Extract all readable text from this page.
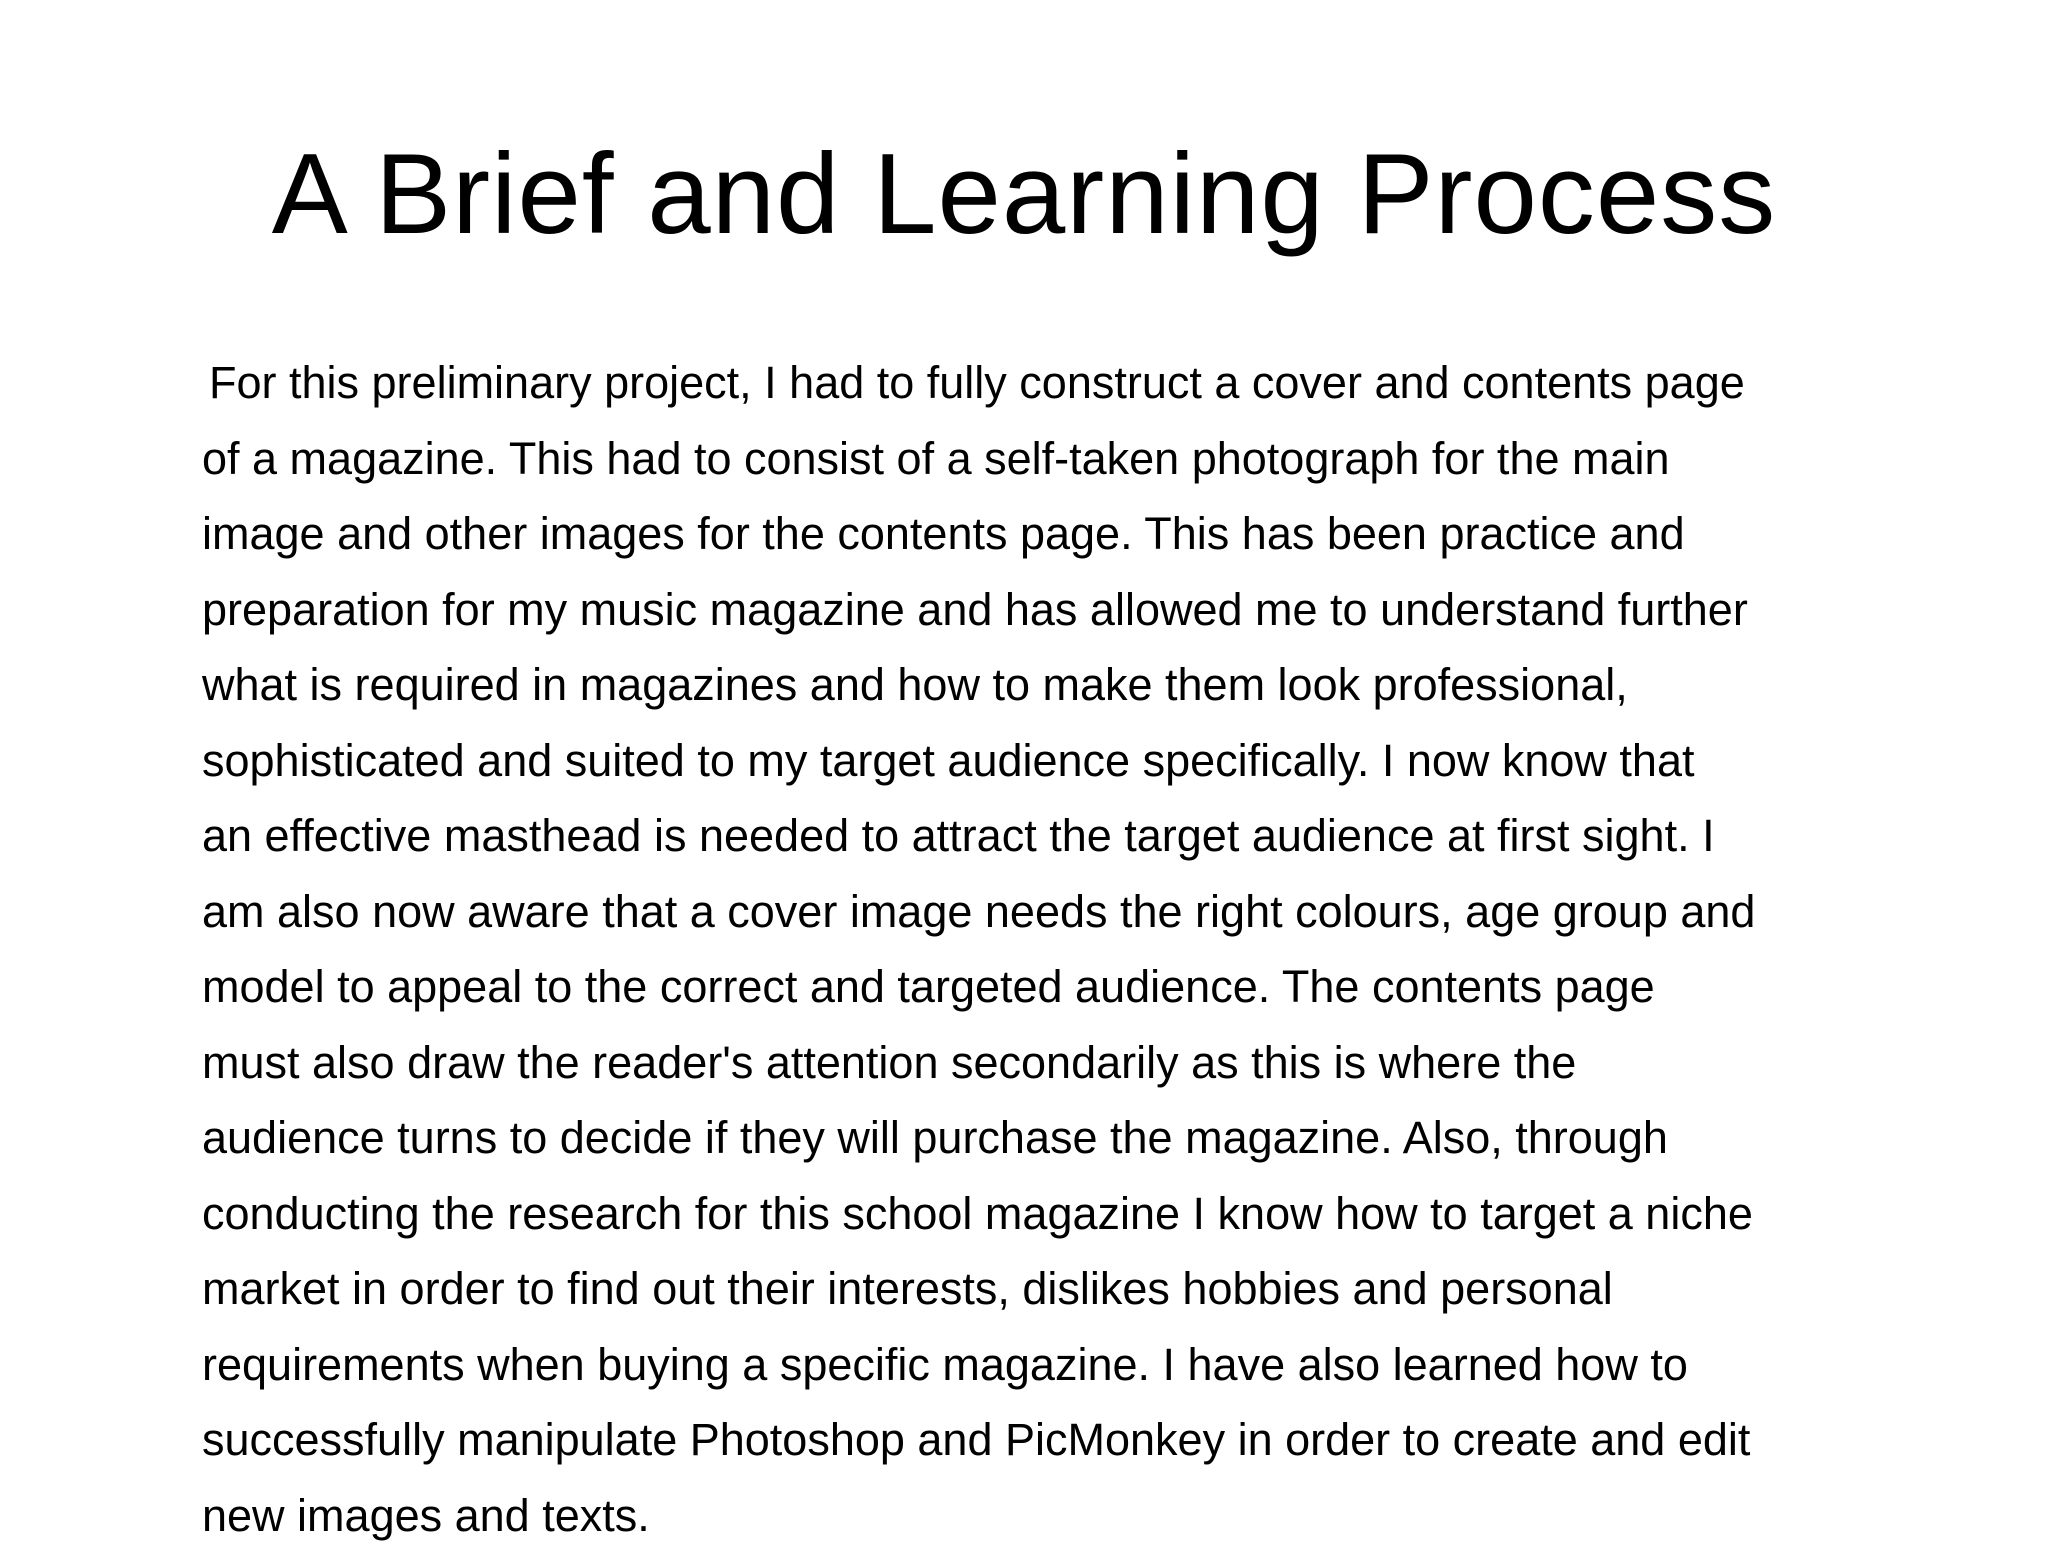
A Brief and Learning Process
For this preliminary project, I had to fully construct a cover and contents page
of a magazine. This had to consist of a self-taken photograph for the main
image and other images for the contents page. This has been practice and
preparation for my music magazine and has allowed me to understand further
what is required in magazines and how to make them look professional,
sophisticated and suited to my target audience specifically. I now know that
an effective masthead is needed to attract the target audience at first sight. I
am also now aware that a cover image needs the right colours, age group and
model to appeal to the correct and targeted audience. The contents page
must also draw the reader's attention secondarily as this is where the
audience turns to decide if they will purchase the magazine. Also, through
conducting the research for this school magazine I know how to target a niche
market in order to find out their interests, dislikes hobbies and personal
requirements when buying a specific magazine. I have also learned how to
successfully manipulate Photoshop and PicMonkey in order to create and edit
new images and texts.
